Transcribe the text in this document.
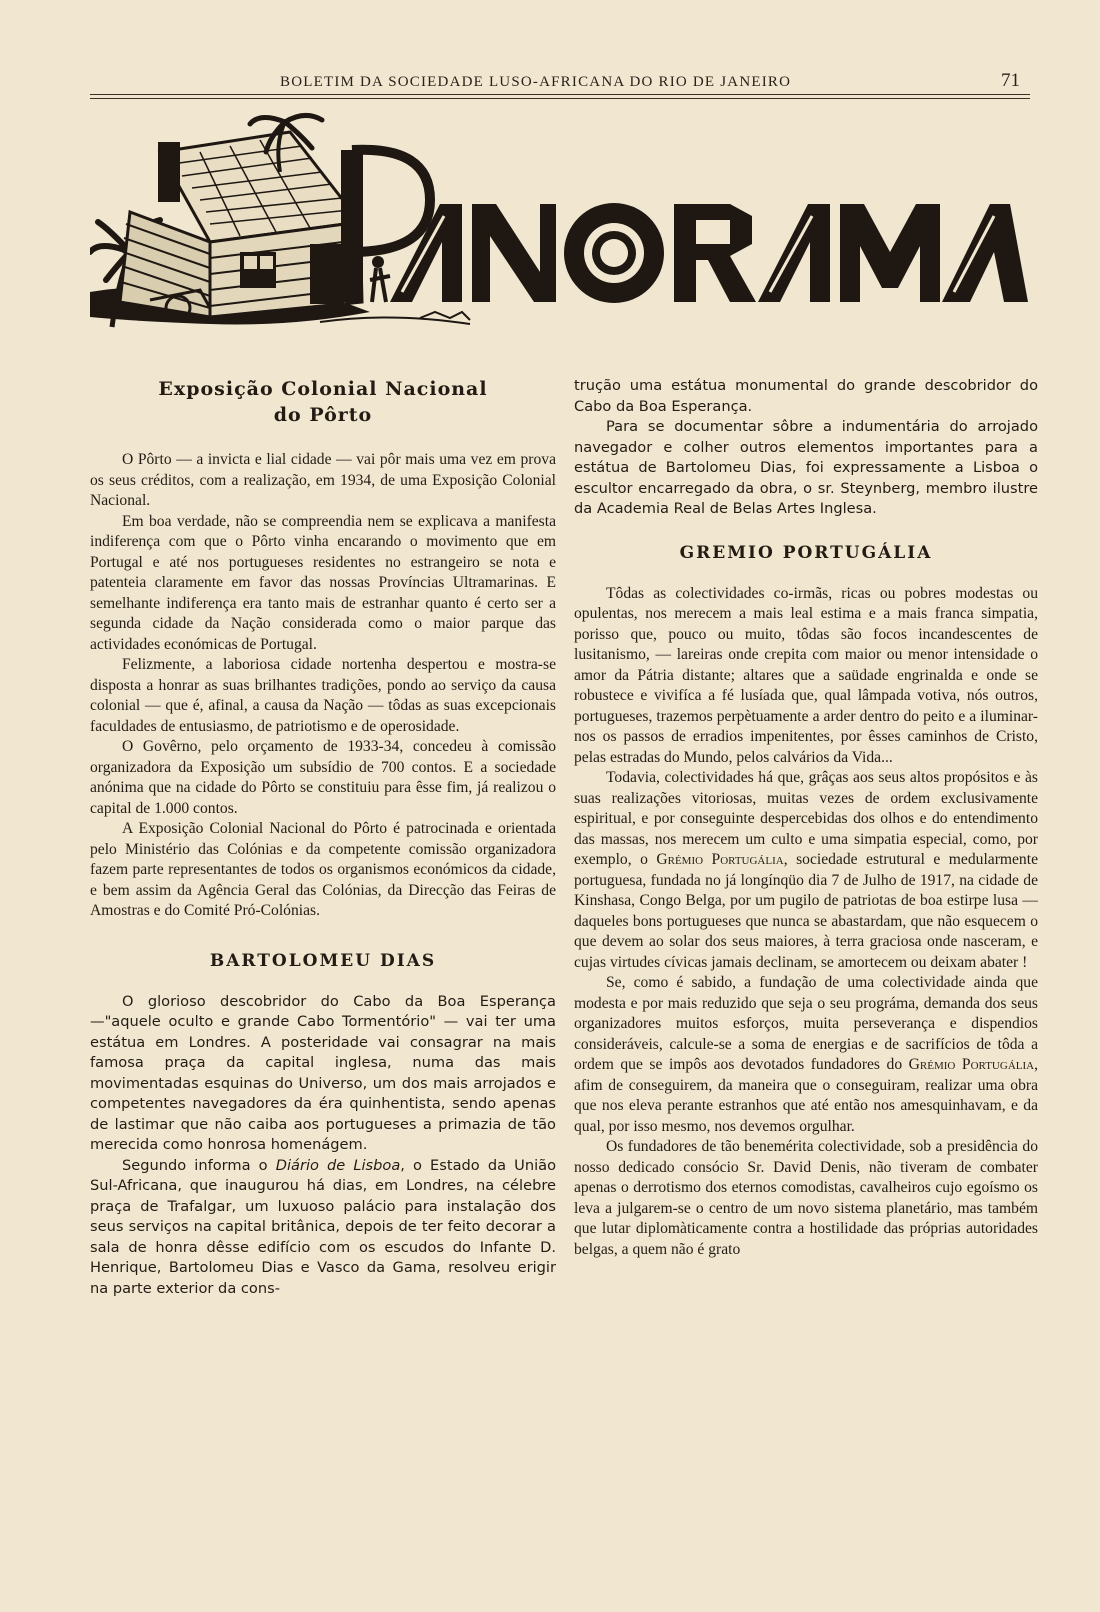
BOLETIM DA SOCIEDADE LUSO-AFRICANA DO RIO DE JANEIRO	71
Exposição Colonial Nacional
do Pôrto

O Pôrto — a invicta e lial cidade — vai pôr mais uma vez em prova os seus créditos, com a realização, em 1934, de uma Exposição Colonial Nacional.

Em boa verdade, não se compreendia nem se explicava a manifesta indiferença com que o Pôrto vinha encarando o movimento que em Portugal e até nos portugueses residentes no estrangeiro se nota e patenteia claramente em favor das nossas Províncias Ultramarinas. E semelhante indiferença era tanto mais de estranhar quanto é certo ser a segunda cidade da Nação considerada como o maior parque das actividades económicas de Portugal.

Felizmente, a laboriosa cidade nortenha despertou e mostra-se disposta a honrar as suas brilhantes tradições, pondo ao serviço da causa colonial — que é, afinal, a causa da Nação — tôdas as suas excepcionais faculdades de entusiasmo, de patriotismo e de operosidade.

O Govêrno, pelo orçamento de 1933-34, concedeu à comissão organizadora da Exposição um subsídio de 700 contos. E a sociedade anónima que na cidade do Pôrto se constituiu para êsse fim, já realizou o capital de 1.000 contos.

A Exposição Colonial Nacional do Pôrto é patrocinada e orientada pelo Ministério das Colónias e da competente comissão organizadora fazem parte representantes de todos os organismos económicos da cidade, e bem assim da Agência Geral das Colónias, da Direcção das Feiras de Amostras e do Comité Pró-Colónias.

BARTOLOMEU DIAS

O glorioso descobridor do Cabo da Boa Esperança —"aquele oculto e grande Cabo Tormentório" — vai ter uma estátua em Londres. A posteridade vai consagrar na mais famosa praça da capital inglesa, numa das mais movimentadas esquinas do Universo, um dos mais arrojados e competentes navegadores da éra quinhentista, sendo apenas de lastimar que não caiba aos portugueses a primazia de tão merecida como honrosa homenágem.

Segundo informa o Diário de Lisboa, o Estado da União Sul-Africana, que inaugurou há dias, em Londres, na célebre praça de Trafalgar, um luxuoso palácio para instalação dos seus serviços na capital britânica, depois de ter feito decorar a sala de honra dêsse edifício com os escudos do Infante D. Henrique, Bartolomeu Dias e Vasco da Gama, resolveu erigir na parte exterior da cons-

trução uma estátua monumental do grande descobridor do Cabo da Boa Esperança.

Para se documentar sôbre a indumentária do arrojado navegador e colher outros elementos importantes para a estátua de Bartolomeu Dias, foi expressamente a Lisboa o escultor encarregado da obra, o sr. Steynberg, membro ilustre da Academia Real de Belas Artes Inglesa.

GREMIO PORTUGÁLIA

Tôdas as colectividades co-irmãs, ricas ou pobres modestas ou opulentas, nos merecem a mais leal estima e a mais franca simpatia, porisso que, pouco ou muito, tôdas são focos incandescentes de lusitanismo, — lareiras onde crepita com maior ou menor intensidade o amor da Pátria distante; altares que a saüdade engrinalda e onde se robustece e vivifíca a fé lusíada que, qual lâmpada votiva, nós outros, portugueses, trazemos perpètuamente a arder dentro do peito e a iluminar-nos os passos de erradios impenitentes, por êsses caminhos de Cristo, pelas estradas do Mundo, pelos calvários da Vida...

Todavia, colectividades há que, grâças aos seus altos propósitos e às suas realizações vitoriosas, muitas vezes de ordem exclusivamente espiritual, e por conseguinte despercebidas dos olhos e do entendimento das massas, nos merecem um culto e uma simpatia especial, como, por exemplo, o Grémio Portugália, sociedade estrutural e medularmente portuguesa, fundada no já longínqüo dia 7 de Julho de 1917, na cidade de Kinshasa, Congo Belga, por um pugilo de patriotas de boa estirpe lusa — daqueles bons portugueses que nunca se abastardam, que não esquecem o que devem ao solar dos seus maiores, à terra graciosa onde nasceram, e cujas virtudes cívicas jamais declinam, se amortecem ou deixam abater !

Se, como é sabido, a fundação de uma colectividade ainda que modesta e por mais reduzido que seja o seu prográma, demanda dos seus organizadores muitos esforços, muita perseverança e dispendios consideráveis, calcule-se a soma de energias e de sacrifícios de tôda a ordem que se impôs aos devotados fundadores do Grémio Portugália, afim de conseguirem, da maneira que o conseguiram, realizar uma obra que nos eleva perante estranhos que até então nos amesquinhavam, e da qual, por isso mesmo, nos devemos orgulhar.

Os fundadores de tão benemérita colectividade, sob a presidência do nosso dedicado consócio Sr. David Denis, não tiveram de combater apenas o derrotismo dos eternos comodistas, cavalheiros cujo egoísmo os leva a julgarem-se o centro de um novo sistema planetário, mas também que lutar diplomàticamente contra a hostilidade das próprias autoridades belgas, a quem não é grato
